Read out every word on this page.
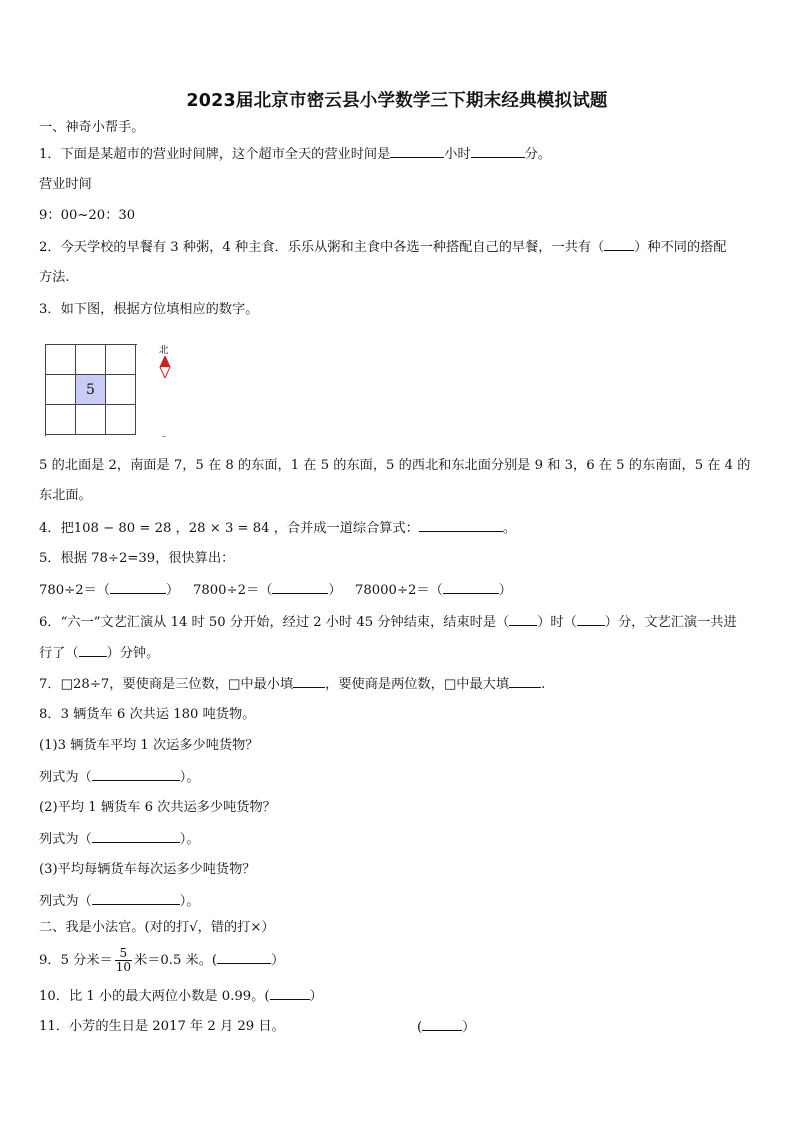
2023届北京市密云县小学数学三下期末经典模拟试题
一、神奇小帮手。
1．下面是某超市的营业时间牌，这个超市全天的营业时间是	小时	分。
营业时间
9：00~20：30
2．今天学校的早餐有 3 种粥，4 种主食．乐乐从粥和主食中各选一种搭配自己的早餐，一共有（ ）种不同的搭配
方法.
3．如下图，根据方位填相应的数字。
5
北
5 的北面是 2，南面是 7，5 在 8 的东面，1 在 5 的东面，5 的西北和东北面分别是 9 和 3，6 在 5 的东南面，5 在 4 的
东北面。
4．把108 − 80 = 28 ，28 × 3 = 84 ，合并成一道综合算式：	。
5．根据 78÷2=39，很快算出：
780÷2＝（	） 7800÷2＝（	） 78000÷2＝（	）
6．“六一”文艺汇演从 14 时 50 分开始，经过 2 小时 45 分钟结束，结束时是（ ）时（ ）分，文艺汇演一共进
行了（ ）分钟。
7．□28÷7，要使商是三位数，□中最小填 ，要使商是两位数，□中最大填 .
8．3 辆货车 6 次共运 180 吨货物。
(1)3 辆货车平均 1 次运多少吨货物？
列式为（	）。
(2)平均 1 辆货车 6 次共运多少吨货物？
列式为（	）。
(3)平均每辆货车每次运多少吨货物？
列式为（	）。
二、我是小法官。(对的打√，错的打×）
9．5 分米＝ $\frac{5}{10}$ 米＝0.5 米。(	）
10．比 1 小的最大两位小数是 0.99。(	）
11．小芳的生日是 2017 年 2 月 29 日。	(	）
